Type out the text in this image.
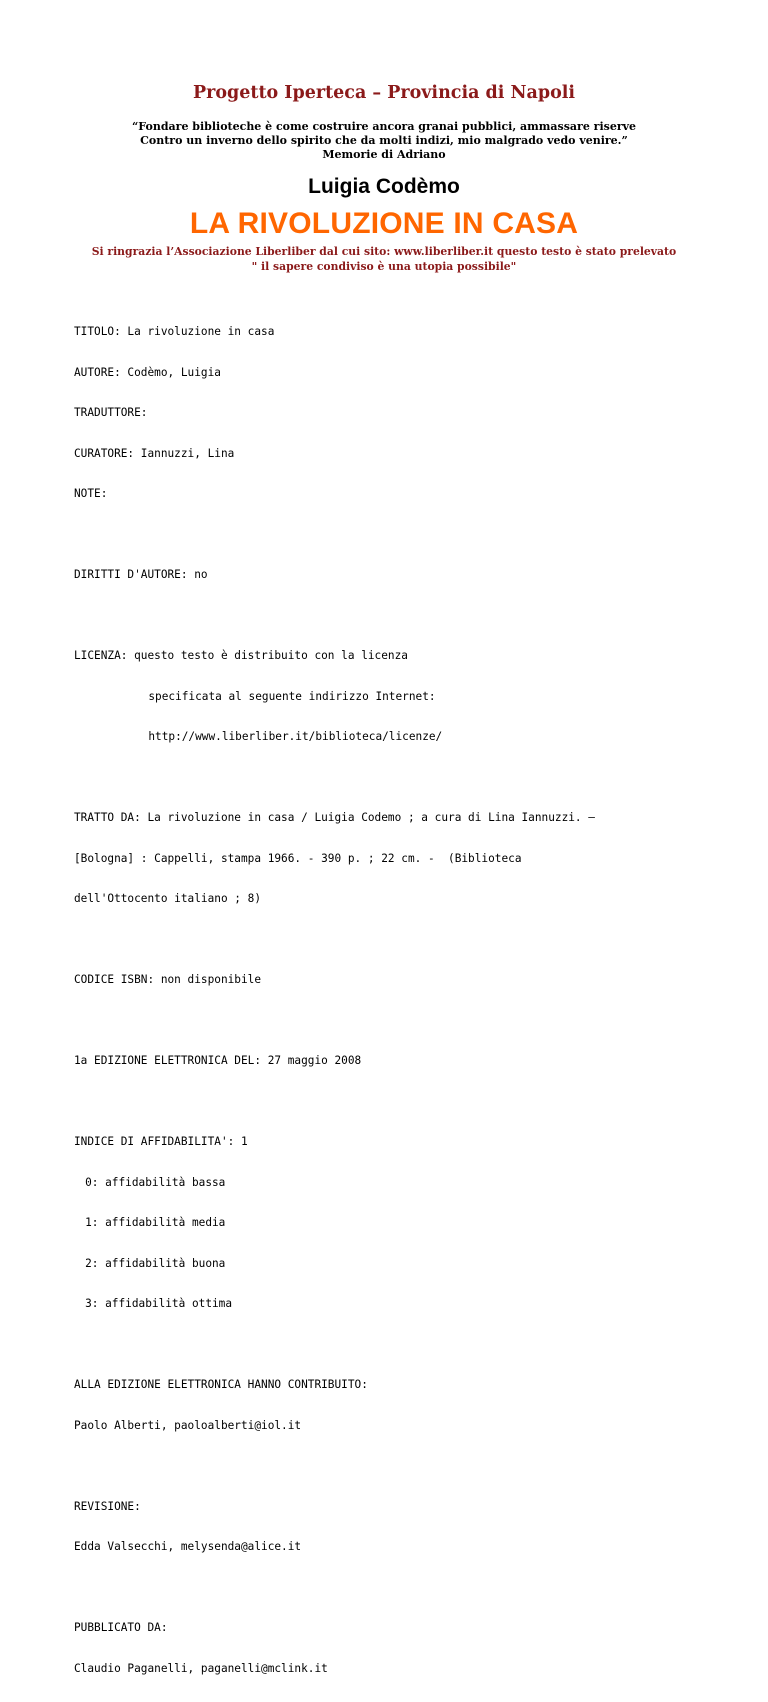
Progetto Iperteca – Provincia di Napoli
“Fondare biblioteche è come costruire ancora granai pubblici, ammassare riserve
Contro un inverno dello spirito che da molti indizi, mio malgrado vedo venire.”
Memorie di Adriano
Luigia Codèmo
LA RIVOLUZIONE IN CASA
Si ringrazia l’Associazione Liberliber dal cui sito: www.liberliber.it questo testo è stato prelevato
" il sapere condiviso è una utopia possibile"

TITOLO: La rivoluzione in casa

AUTORE: Codèmo, Luigia

TRADUTTORE:

CURATORE: Iannuzzi, Lina

NOTE:

DIRITTI D'AUTORE: no

LICENZA: questo testo è distribuito con la licenza

specificata al seguente indirizzo Internet:

http://www.liberliber.it/biblioteca/licenze/

TRATTO DA: La rivoluzione in casa / Luigia Codemo ; a cura di Lina Iannuzzi. –

[Bologna] : Cappelli, stampa 1966. - 390 p. ; 22 cm. -  (Biblioteca

dell'Ottocento italiano ; 8)

CODICE ISBN: non disponibile

1a EDIZIONE ELETTRONICA DEL: 27 maggio 2008

INDICE DI AFFIDABILITA': 1

0: affidabilità bassa

1: affidabilità media

2: affidabilità buona

3: affidabilità ottima

ALLA EDIZIONE ELETTRONICA HANNO CONTRIBUITO:

Paolo Alberti, paoloalberti@iol.it

REVISIONE:

Edda Valsecchi, melysenda@alice.it

PUBBLICATO DA:

Claudio Paganelli, paganelli@mclink.it
